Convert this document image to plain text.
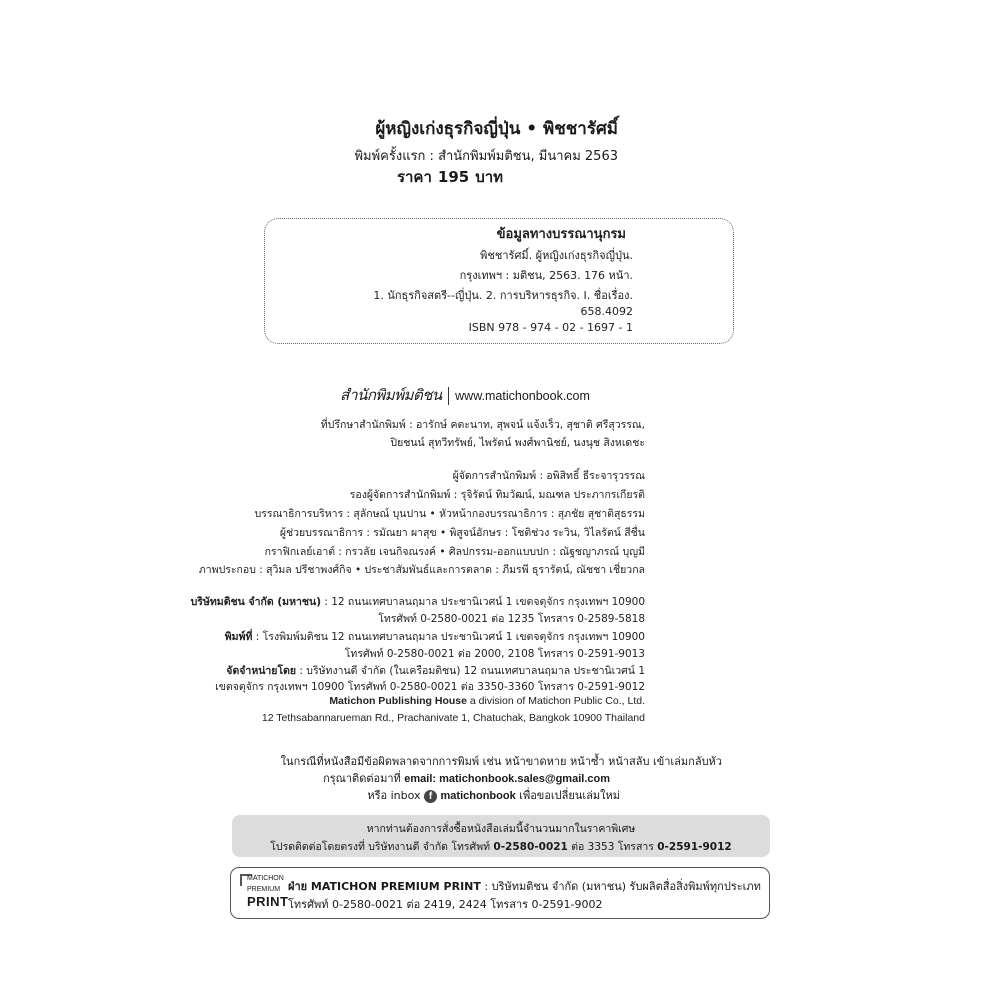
ผู้หญิงเก่งธุรกิจญี่ปุ่น • พิชชารัศมิ์
พิมพ์ครั้งแรก : สำนักพิมพ์มติชน, มีนาคม 2563
ราคา 195 บาท
ข้อมูลทางบรรณานุกรม
พิชชารัศมิ์. ผู้หญิงเก่งธุรกิจญี่ปุ่น.
กรุงเทพฯ : มติชน, 2563. 176 หน้า.
1. นักธุรกิจสตรี--ญี่ปุ่น. 2. การบริหารธุรกิจ. I. ชื่อเรื่อง.
658.4092
ISBN 978 - 974 - 02 - 1697 - 1
สำนักพิมพ์มติชน www.matichonbook.com
ที่ปรึกษาสำนักพิมพ์ : อารักษ์ คตะนาท, สุพจน์ แจ้งเร็ว, สุชาติ ศรีสุวรรณ,
ปิยชนน์ สุทวีทรัพย์, ไพรัตน์ พงศ์พานิชย์, นงนุช สิงหเดชะ
ผู้จัดการสำนักพิมพ์ : อพิสิทธิ์ ธีระจารุวรรณ
รองผู้จัดการสำนักพิมพ์ : รุจิรัตน์ ทิมวัฒน์, มณฑล ประภากรเกียรติ
บรรณาธิการบริหาร : สุลักษณ์ บุนปาน • หัวหน้ากองบรรณาธิการ : สุภชัย สุชาติสุธรรม
ผู้ช่วยบรรณาธิการ : รมัณยา ผาสุข • พิสูจน์อักษร : โชติช่วง ระวิน, วิไลรัตน์ สีชื่น
กราฟิกเลย์เอาต์ : กรวลัย เจนกิจณรงค์ • ศิลปกรรม-ออกแบบปก : ณัฐชญาภรณ์ บุญมี
ภาพประกอบ : สุวิมล ปรีชาพงศ์กิจ • ประชาสัมพันธ์และการตลาด : ภีมรพี ธุรารัตน์, ณัชชา เชี่ยวกล
บริษัทมติชน จำกัด (มหาชน) : 12 ถนนเทศบาลนฤมาล ประชานิเวศน์ 1 เขตจตุจักร กรุงเทพฯ 10900
โทรศัพท์ 0-2580-0021 ต่อ 1235 โทรสาร 0-2589-5818
พิมพ์ที่ : โรงพิมพ์มติชน 12 ถนนเทศบาลนฤมาล ประชานิเวศน์ 1 เขตจตุจักร กรุงเทพฯ 10900
โทรศัพท์ 0-2580-0021 ต่อ 2000, 2108 โทรสาร 0-2591-9013
จัดจำหน่ายโดย : บริษัทงานดี จำกัด (ในเครือมติชน) 12 ถนนเทศบาลนฤมาล ประชานิเวศน์ 1
เขตจตุจักร กรุงเทพฯ 10900 โทรศัพท์ 0-2580-0021 ต่อ 3350-3360 โทรสาร 0-2591-9012
Matichon Publishing House a division of Matichon Public Co., Ltd.
12 Tethsabannarueman Rd., Prachanivate 1, Chatuchak, Bangkok 10900 Thailand
ในกรณีที่หนังสือมีข้อผิดพลาดจากการพิมพ์ เช่น หน้าขาดหาย หน้าซ้ำ หน้าสลับ เข้าเล่มกลับหัว
กรุณาติดต่อมาที่ email: matichonbook.sales@gmail.com
หรือ inbox f matichonbook เพื่อขอเปลี่ยนเล่มใหม่
หากท่านต้องการสั่งซื้อหนังสือเล่มนี้จำนวนมากในราคาพิเศษ
โปรดติดต่อโดยตรงที่ บริษัทงานดี จำกัด โทรศัพท์ 0-2580-0021 ต่อ 3353 โทรสาร 0-2591-9012
MATICHON
PREMIUM
PRINT
ฝ่าย MATICHON PREMIUM PRINT : บริษัทมติชน จำกัด (มหาชน) รับผลิตสื่อสิ่งพิมพ์ทุกประเภท
โทรศัพท์ 0-2580-0021 ต่อ 2419, 2424 โทรสาร 0-2591-9002
